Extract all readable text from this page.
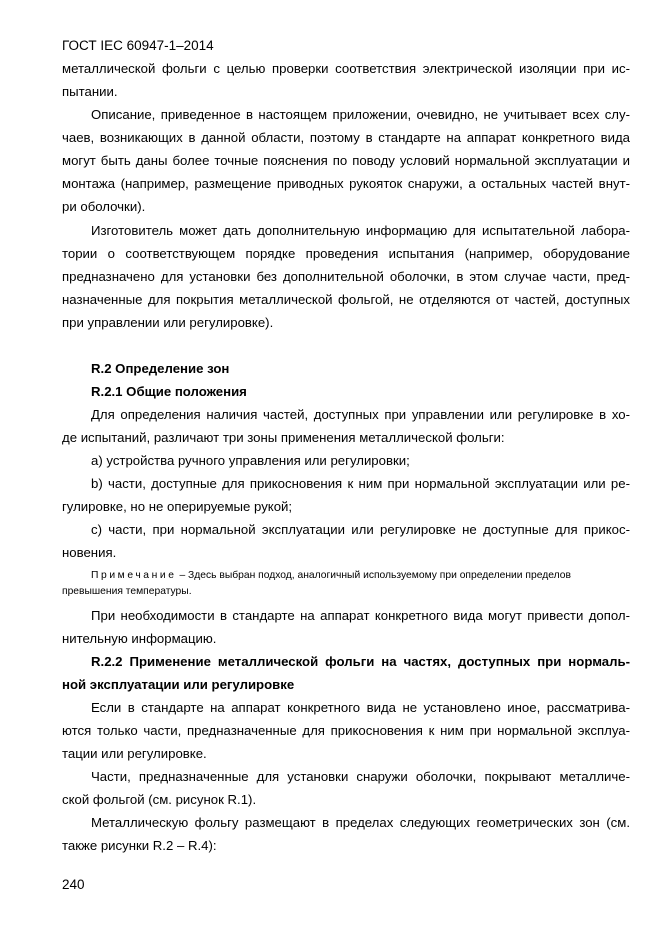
ГОСТ IEC 60947-1–2014
металлической фольги с целью проверки соответствия электрической изоляции при ис-
пытании.
Описание, приведенное в настоящем приложении, очевидно, не учитывает всех слу-
чаев, возникающих в данной области, поэтому в стандарте на аппарат конкретного вида
могут быть даны более точные пояснения по поводу условий нормальной эксплуатации и
монтажа (например, размещение приводных рукояток снаружи, а остальных частей внут-
ри оболочки).
Изготовитель может дать дополнительную информацию для испытательной лабора-
тории о соответствующем порядке проведения испытания (например, оборудование
предназначено для установки без дополнительной оболочки, в этом случае части, пред-
назначенные для покрытия металлической фольгой, не отделяются от частей, доступных
при управлении или регулировке).
R.2 Определение зон
R.2.1 Общие положения
Для определения наличия частей, доступных при управлении или регулировке в хо-
де испытаний, различают три зоны применения металлической фольги:
а) устройства ручного управления или регулировки;
b) части, доступные для прикосновения к ним при нормальной эксплуатации или ре-
гулировке, но не оперируемые рукой;
c) части, при нормальной эксплуатации или регулировке не доступные для прикос-
новения.
Примечание – Здесь выбран подход, аналогичный используемому при определении пределов
превышения температуры.
При необходимости в стандарте на аппарат конкретного вида могут привести допол-
нительную информацию.
R.2.2 Применение металлической фольги на частях, доступных при нормаль-
ной эксплуатации или регулировке
Если в стандарте на аппарат конкретного вида не установлено иное, рассматрива-
ются только части, предназначенные для прикосновения к ним при нормальной эксплуа-
тации или регулировке.
Части, предназначенные для установки снаружи оболочки, покрывают металличе-
ской фольгой (см. рисунок R.1).
Металлическую фольгу размещают в пределах следующих геометрических зон (см.
также рисунки R.2 – R.4):
240
